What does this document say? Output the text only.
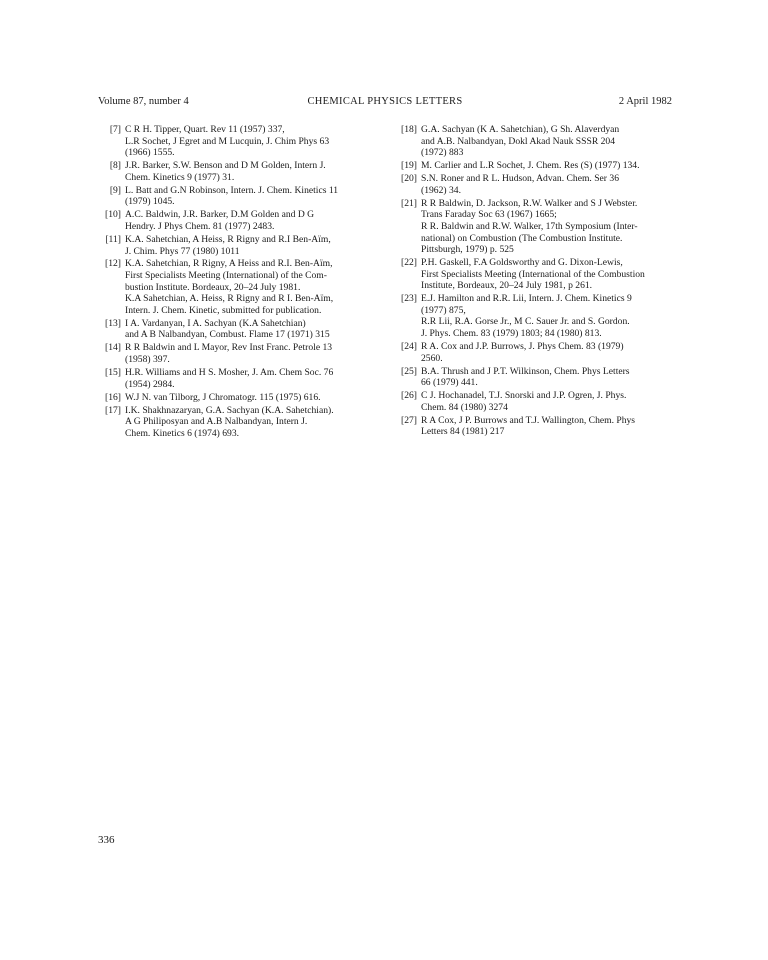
Volume 87, number 4	CHEMICAL PHYSICS LETTERS	2 April 1982
[7] C R H. Tipper, Quart. Rev 11 (1957) 337,
L.R Sochet, J Egret and M Lucquin, J. Chim Phys 63
(1966) 1555.
[8] J.R. Barker, S.W. Benson and D M Golden, Intern J.
Chem. Kinetics 9 (1977) 31.
[9] L. Batt and G.N Robinson, Intern. J. Chem. Kinetics 11
(1979) 1045.
[10] A.C. Baldwin, J.R. Barker, D.M Golden and D G
Hendry. J Phys Chem. 81 (1977) 2483.
[11] K.A. Sahetchian, A Heiss, R Rigny and R.I Ben-Aïm,
J. Chim. Phys 77 (1980) 1011
[12] K.A. Sahetchian, R Rigny, A Heiss and R.I. Ben-Aïm,
First Specialists Meeting (International) of the Com-
bustion Institute. Bordeaux, 20–24 July 1981.
K.A Sahetchian, A. Heiss, R Rigny and R I. Ben-Aïm,
Intern. J. Chem. Kinetic, submitted for publication.
[13] I A. Vardanyan, I A. Sachyan (K.A Sahetchian)
and A B Nalbandyan, Combust. Flame 17 (1971) 315
[14] R R Baldwin and L Mayor, Rev Inst Franc. Petrole 13
(1958) 397.
[15] H.R. Williams and H S. Mosher, J. Am. Chem Soc. 76
(1954) 2984.
[16] W.J N. van Tilborg, J Chromatogr. 115 (1975) 616.
[17] I.K. Shakhnazaryan, G.A. Sachyan (K.A. Sahetchian).
A G Philiposyan and A.B Nalbandyan, Intern J.
Chem. Kinetics 6 (1974) 693.
[18] G.A. Sachyan (K A. Sahetchian), G Sh. Alaverdyan
and A.B. Nalbandyan, Dokl Akad Nauk SSSR 204
(1972) 883
[19] M. Carlier and L.R Sochet, J. Chem. Res (S) (1977) 134.
[20] S.N. Roner and R L. Hudson, Advan. Chem. Ser 36
(1962) 34.
[21] R R Baldwin, D. Jackson, R.W. Walker and S J Webster.
Trans Faraday Soc 63 (1967) 1665;
R R. Baldwin and R.W. Walker, 17th Symposium (Inter-
national) on Combustion (The Combustion Institute.
Pittsburgh, 1979) p. 525
[22] P.H. Gaskell, F.A Goldsworthy and G. Dixon-Lewis,
First Specialists Meeting (International of the Combustion
Institute, Bordeaux, 20–24 July 1981, p 261.
[23] E.J. Hamilton and R.R. Lii, Intern. J. Chem. Kinetics 9
(1977) 875,
R.R Lii, R.A. Gorse Jr., M C. Sauer Jr. and S. Gordon.
J. Phys. Chem. 83 (1979) 1803; 84 (1980) 813.
[24] R A. Cox and J.P. Burrows, J. Phys Chem. 83 (1979)
2560.
[25] B.A. Thrush and J P.T. Wilkinson, Chem. Phys Letters
66 (1979) 441.
[26] C J. Hochanadel, T.J. Snorski and J.P. Ogren, J. Phys.
Chem. 84 (1980) 3274
[27] R A Cox, J P. Burrows and T.J. Wallington, Chem. Phys
Letters 84 (1981) 217
336
